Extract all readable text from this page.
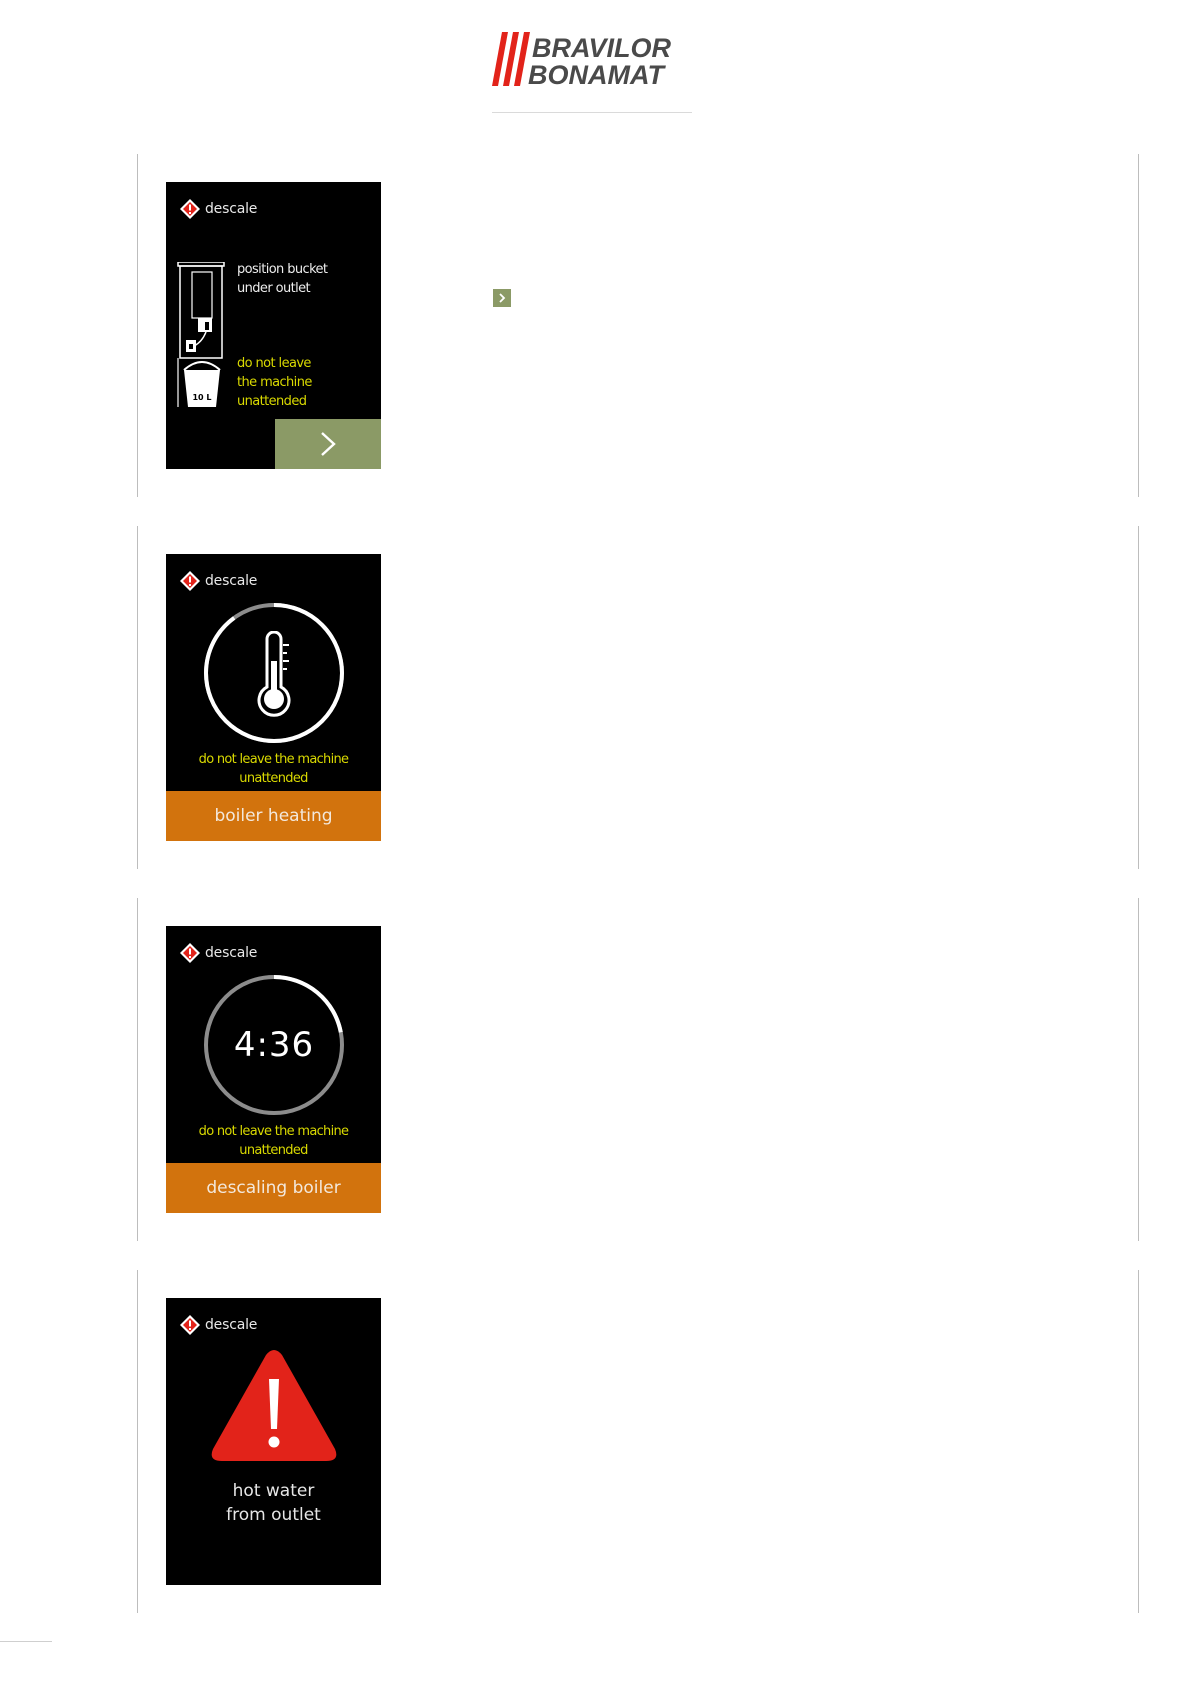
BRAVILOR
BONAMAT
descale
10 L
position bucket
under outlet
do not leave
the machine
unattended
descale
do not leave the machine
unattended
boiler heating
descale
4:36
do not leave the machine
unattended
descaling boiler
descale
hot water
from outlet
